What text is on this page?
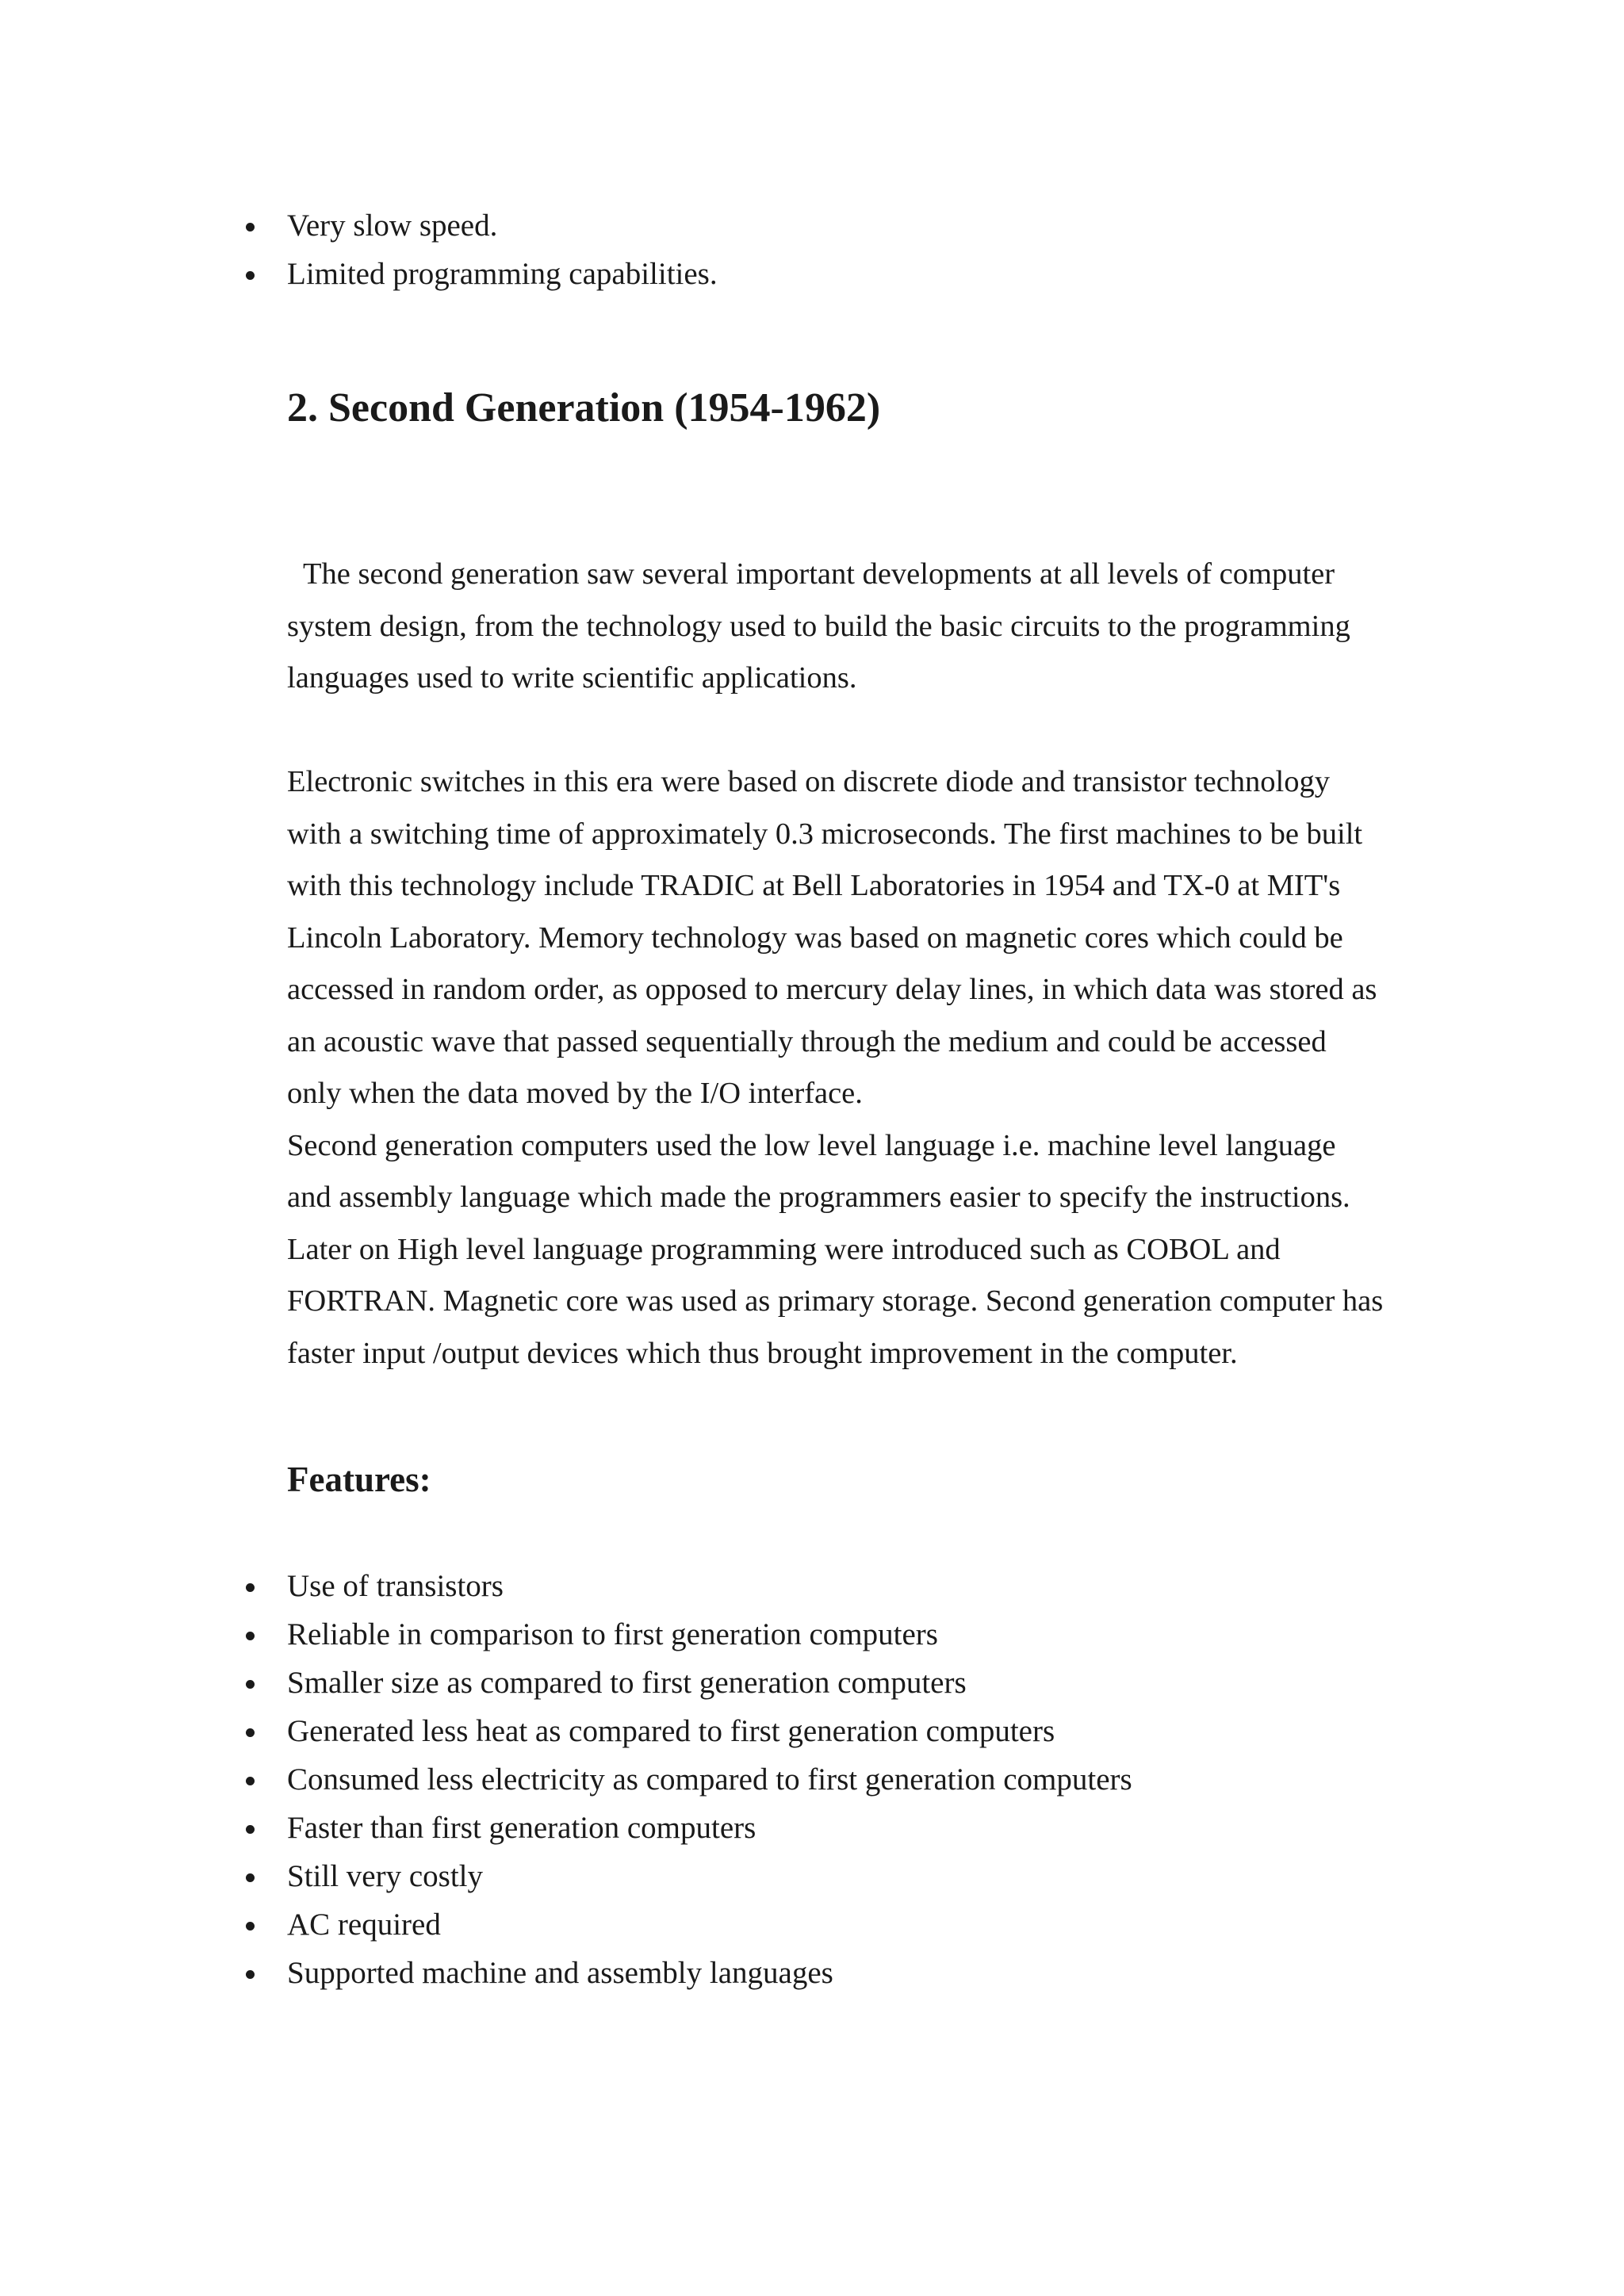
Very slow speed.
Limited programming capabilities.
2. Second Generation (1954-1962)

The second generation saw several important developments at all levels of computer
system design, from the technology used to build the basic circuits to the programming
languages used to write scientific applications.

Electronic switches in this era were based on discrete diode and transistor technology
with a switching time of approximately 0.3 microseconds. The first machines to be built
with this technology include TRADIC at Bell Laboratories in 1954 and TX-0 at MIT's
Lincoln Laboratory. Memory technology was based on magnetic cores which could be
accessed in random order, as opposed to mercury delay lines, in which data was stored as
an acoustic wave that passed sequentially through the medium and could be accessed
only when the data moved by the I/O interface.
Second generation computers used the low level language i.e. machine level language
and assembly language which made the programmers easier to specify the instructions.
Later on High level language programming were introduced such as COBOL and
FORTRAN. Magnetic core was used as primary storage. Second generation computer has
faster input /output devices which thus brought improvement in the computer.

Features:
Use of transistors
Reliable in comparison to first generation computers
Smaller size as compared to first generation computers
Generated less heat as compared to first generation computers
Consumed less electricity as compared to first generation computers
Faster than first generation computers
Still very costly
AC required
Supported machine and assembly languages
